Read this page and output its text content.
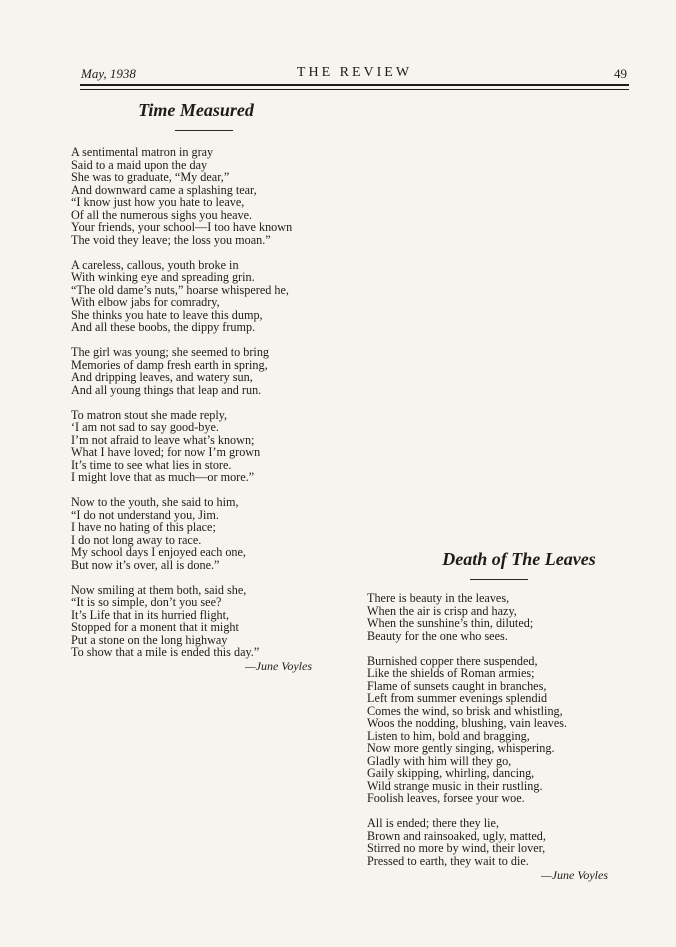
May, 1938	THE REVIEW	49
Time Measured
A sentimental matron in gray
Said to a maid upon the day
She was to graduate, “My dear,”
And downward came a splashing tear,
“I know just how you hate to leave,
Of all the numerous sighs you heave.
Your friends, your school—I too have known
The void they leave; the loss you moan.”
A careless, callous, youth broke in
With winking eye and spreading grin.
“The old dame’s nuts,” hoarse whispered he,
With elbow jabs for comradry,
She thinks you hate to leave this dump,
And all these boobs, the dippy frump.
The girl was young; she seemed to bring
Memories of damp fresh earth in spring,
And dripping leaves, and watery sun,
And all young things that leap and run.
To matron stout she made reply,
‘I am not sad to say good-bye.
I’m not afraid to leave what’s known;
What I have loved; for now I’m grown
It’s time to see what lies in store.
I might love that as much—or more.”
Now to the youth, she said to him,
“I do not understand you, Jim.
I have no hating of this place;
I do not long away to race.
My school days I enjoyed each one,
But now it’s over, all is done.”
Now smiling at them both, said she,
“It is so simple, don’t you see?
It’s Life that in its hurried flight,
Stopped for a monent that it might
Put a stone on the long highway
To show that a mile is ended this day.”
—June Voyles
Death of The Leaves
There is beauty in the leaves,
When the air is crisp and hazy,
When the sunshine’s thin, diluted;
Beauty for the one who sees.
Burnished copper there suspended,
Like the shields of Roman armies;
Flame of sunsets caught in branches,
Left from summer evenings splendid
Comes the wind, so brisk and whistling,
Woos the nodding, blushing, vain leaves.
Listen to him, bold and bragging,
Now more gently singing, whispering.
Gladly with him will they go,
Gaily skipping, whirling, dancing,
Wild strange music in their rustling.
Foolish leaves, forsee your woe.
All is ended; there they lie,
Brown and rainsoaked, ugly, matted,
Stirred no more by wind, their lover,
Pressed to earth, they wait to die.
—June Voyles
